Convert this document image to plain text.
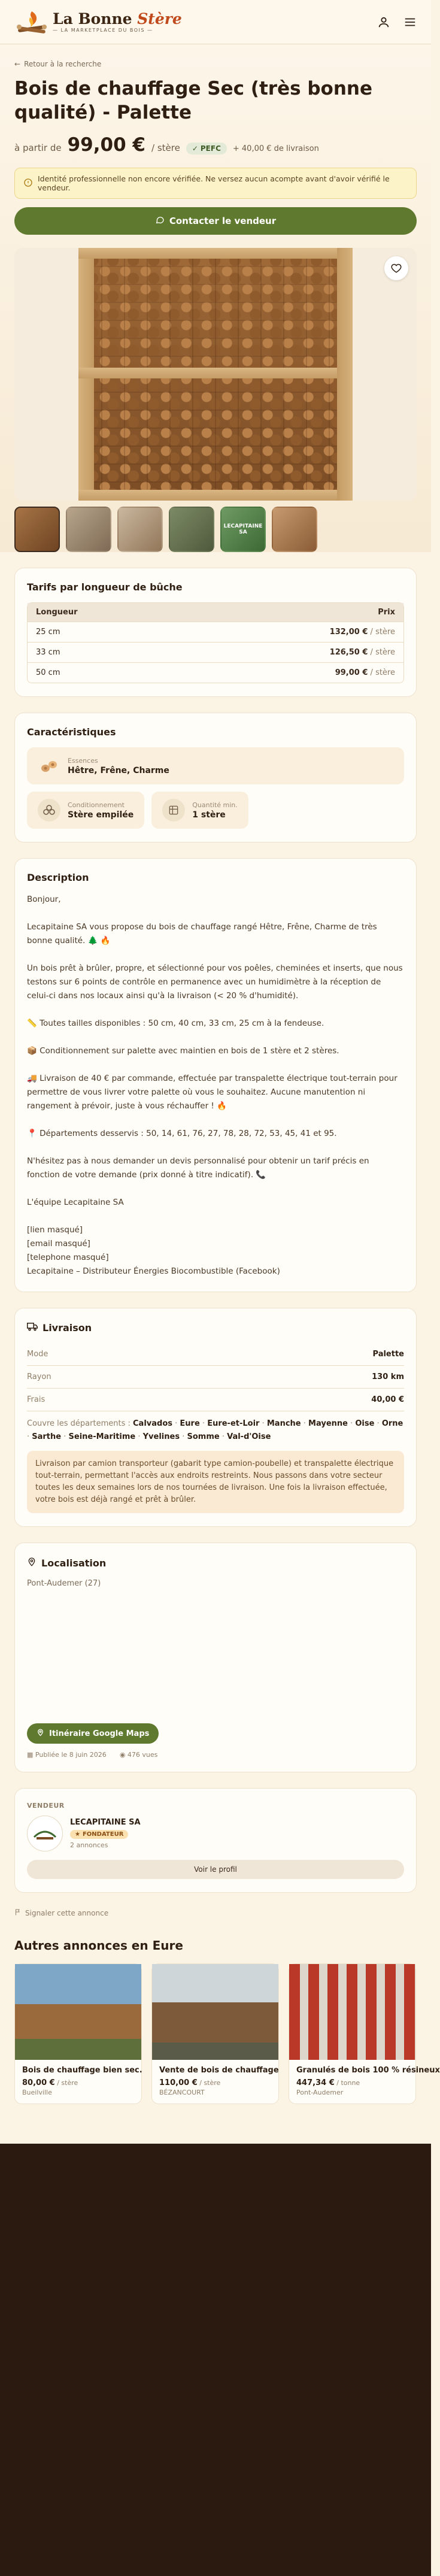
La Bonne Stère
— LA MARKETPLACE DU BOIS —
← Retour à la recherche
Bois de chauffage Sec (très bonne qualité) - Palette
à partir de 99,00 € / stère ✓ PEFC + 40,00 € de livraison
Identité professionnelle non encore vérifiée. Ne versez aucun acompte avant d'avoir vérifié le vendeur.
Contacter le vendeur
LECAPITAINE SA
Tarifs par longueur de bûche
Longueur	Prix
25 cm	132,00 € / stère
33 cm	126,50 € / stère
50 cm	99,00 € / stère
Caractéristiques
Essences
Hêtre, Frêne, Charme
Conditionnement
Stère empilée
Quantité min.
1 stère
Description

Bonjour,

Lecapitaine SA vous propose du bois de chauffage rangé Hêtre, Frêne, Charme de très bonne qualité. 🌲 🔥

Un bois prêt à brûler, propre, et sélectionné pour vos poêles, cheminées et inserts, que nous testons sur 6 points de contrôle en permanence avec un humidimètre à la réception de celui-ci dans nos locaux ainsi qu'à la livraison (< 20 % d'humidité).

📏 Toutes tailles disponibles : 50 cm, 40 cm, 33 cm, 25 cm à la fendeuse.

📦 Conditionnement sur palette avec maintien en bois de 1 stère et 2 stères.

🚚 Livraison de 40 € par commande, effectuée par transpalette électrique tout-terrain pour permettre de vous livrer votre palette où vous le souhaitez. Aucune manutention ni rangement à prévoir, juste à vous réchauffer ! 🔥

📍 Départements desservis : 50, 14, 61, 76, 27, 78, 28, 72, 53, 45, 41 et 95.

N'hésitez pas à nous demander un devis personnalisé pour obtenir un tarif précis en fonction de votre demande (prix donné à titre indicatif). 📞

L'équipe Lecapitaine SA

[lien masqué]

[email masqué]

[telephone masqué]

Lecapitaine – Distributeur Énergies Biocombustible (Facebook)

Livraison
Mode	Palette
Rayon	130 km
Frais	40,00 €
Couvre les départements : Calvados · Eure · Eure-et-Loir · Manche · Mayenne · Oise · Orne · Sarthe · Seine-Maritime · Yvelines · Somme · Val-d'Oise
Livraison par camion transporteur (gabarit type camion-poubelle) et transpalette électrique tout-terrain, permettant l'accès aux endroits restreints. Nous passons dans votre secteur toutes les deux semaines lors de nos tournées de livraison. Une fois la livraison effectuée, votre bois est déjà rangé et prêt à brûler.
Localisation
Pont-Audemer (27)
Itinéraire Google Maps
▦ Publiée le 8 juin 2026 ◉ 476 vues
VENDEUR
LECAPITAINE SA
★ FONDATEUR
2 annonces
Voir le profil
Signaler cette annonce
Autres annonces en Eure
Bois de chauffage bien sec.
80,00 € / stère
Bueilville
Vente de bois de chauffage
110,00 € / stère
BÉZANCOURT
Granulés de bois 100 % résineux
447,34 € / tonne
Pont-Audemer
